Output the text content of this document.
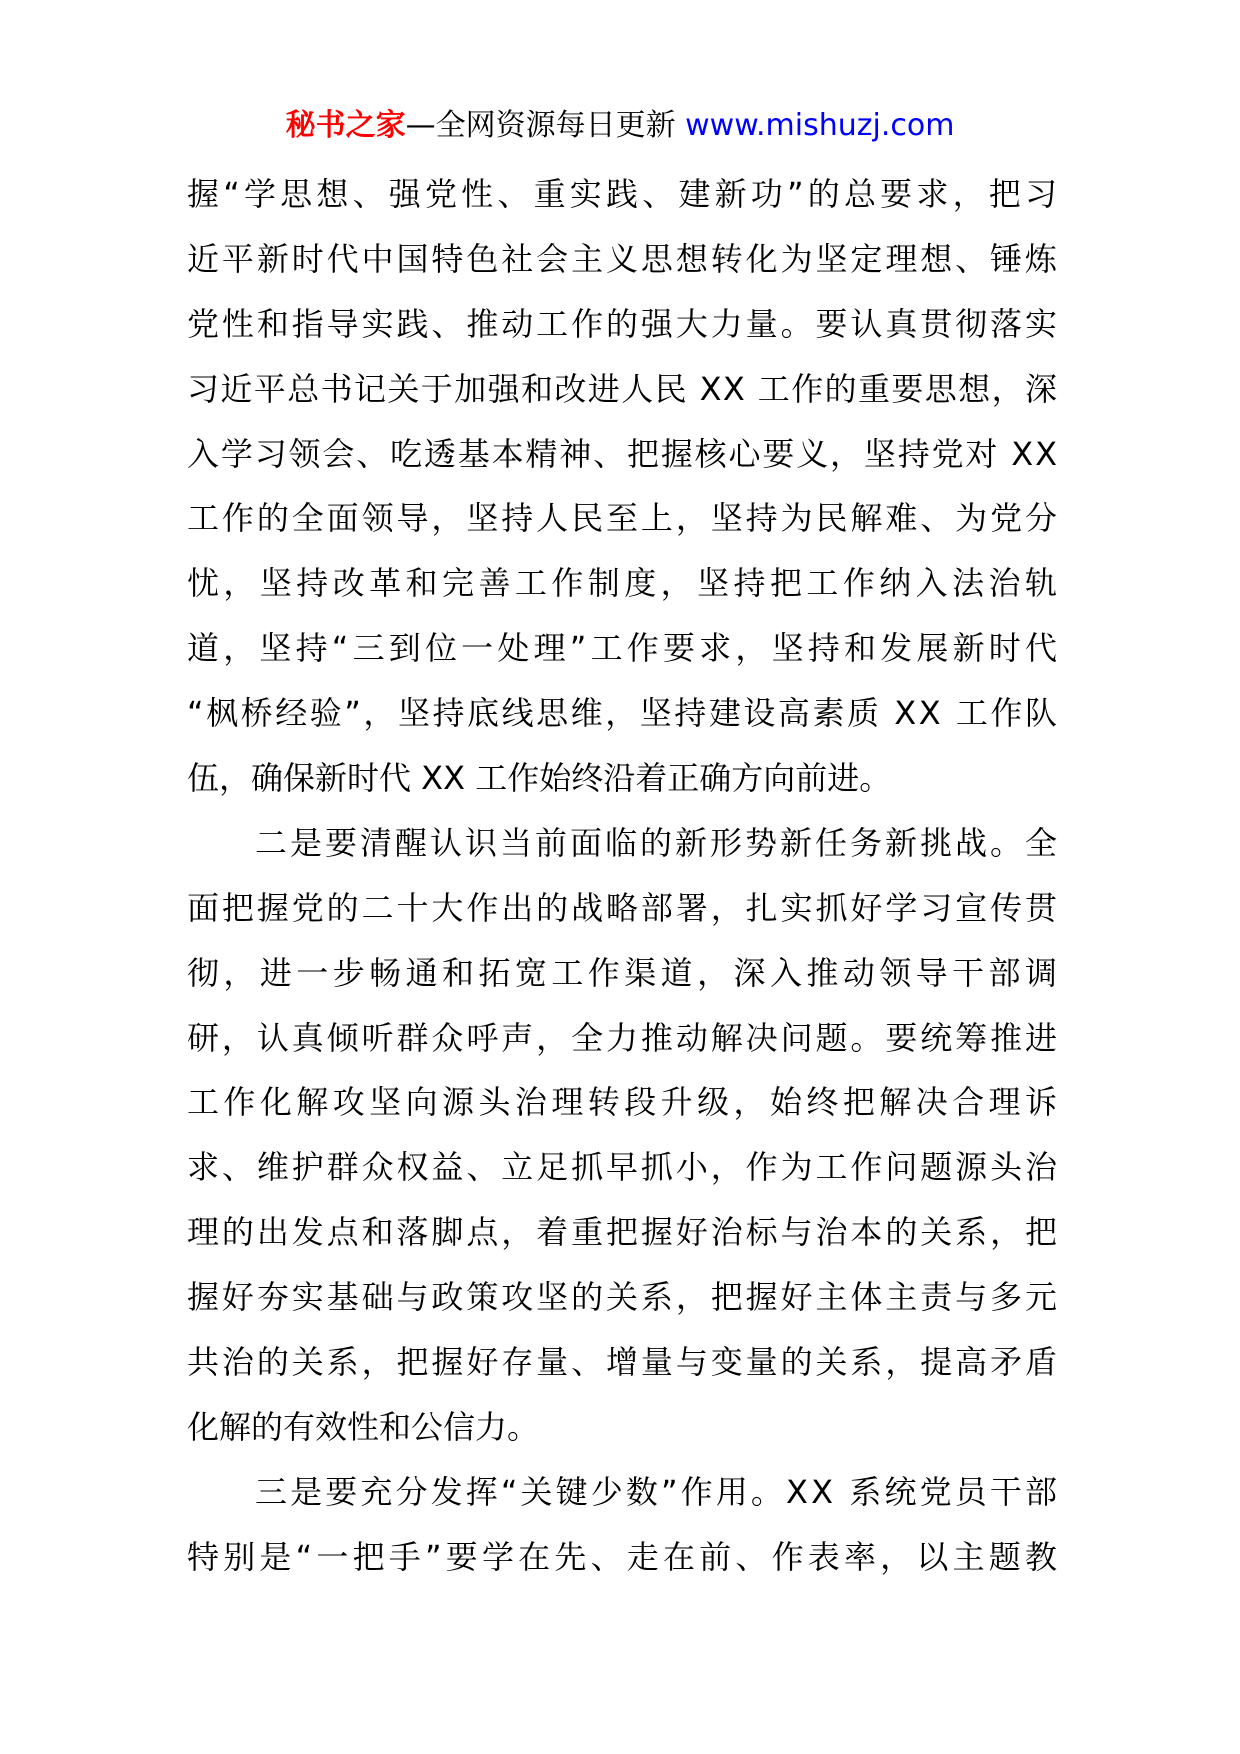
秘书之家—全网资源每日更新 www.mishuzj.com
握“学思想、强党性、重实践、建新功”的总要求，把习
近平新时代中国特色社会主义思想转化为坚定理想、锤炼
党性和指导实践、推动工作的强大力量。要认真贯彻落实
习近平总书记关于加强和改进人民 XX 工作的重要思想，深
入学习领会、吃透基本精神、把握核心要义，坚持党对 XX
工作的全面领导，坚持人民至上，坚持为民解难、为党分
忧，坚持改革和完善工作制度，坚持把工作纳入法治轨
道，坚持“三到位一处理”工作要求，坚持和发展新时代
“枫桥经验”，坚持底线思维，坚持建设高素质 XX 工作队
伍，确保新时代 XX 工作始终沿着正确方向前进。
二是要清醒认识当前面临的新形势新任务新挑战。全
面把握党的二十大作出的战略部署，扎实抓好学习宣传贯
彻，进一步畅通和拓宽工作渠道，深入推动领导干部调
研，认真倾听群众呼声，全力推动解决问题。要统筹推进
工作化解攻坚向源头治理转段升级，始终把解决合理诉
求、维护群众权益、立足抓早抓小，作为工作问题源头治
理的出发点和落脚点，着重把握好治标与治本的关系，把
握好夯实基础与政策攻坚的关系，把握好主体主责与多元
共治的关系，把握好存量、增量与变量的关系，提高矛盾
化解的有效性和公信力。
三是要充分发挥“关键少数”作用。XX 系统党员干部
特别是“一把手”要学在先、走在前、作表率，以主题教
